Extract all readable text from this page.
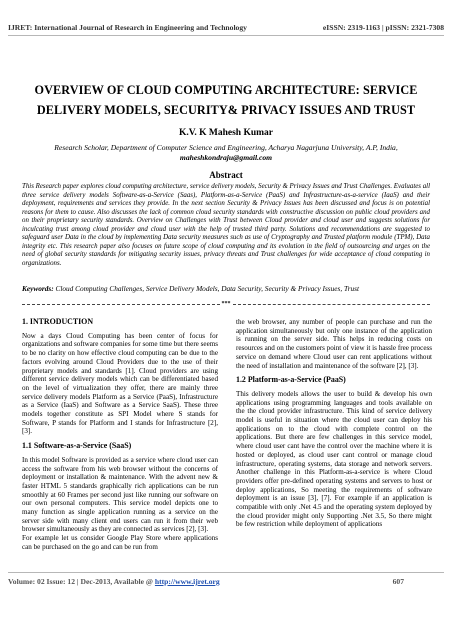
IJRET: International Journal of Research in Engineering and Technology	eISSN: 2319-1163 | pISSN: 2321-7308
OVERVIEW OF CLOUD COMPUTING ARCHITECTURE: SERVICE
DELIVERY MODELS, SECURITY& PRIVACY ISSUES AND TRUST
K.V. K Mahesh Kumar
Research Scholar, Department of Computer Science and Engineering, Acharya Nagarjuna University, A.P, India,
maheshkondraju@gmail.com
Abstract
This Research paper explores cloud computing architecture, service delivery models, Security & Privacy Issues and Trust Challenges. Evaluates all three service delivery models Software-as-a-Service (Saas), Platform-as-a-Service (PaaS) and Infrastructure-as-a-service (IaaS) and their deployment, requirements and services they provide. In the next section Security & Privacy Issues has been discussed and focus is on potential reasons for them to cause. Also discusses the lack of common cloud security standards with constructive discussion on public cloud providers and on their proprietary security standards. Overview on Challenges with Trust between Cloud provider and cloud user and suggests solutions for inculcating trust among cloud provider and cloud user with the help of trusted third party. Solutions and recommendations are suggested to safeguard user Data in the cloud by implementing Data security measures such as use of Cryptography and Trusted platform module (TPM), Data integrity etc. This research paper also focuses on future scope of cloud computing and its evolution in the field of outsourcing and urges on the need of global security standards for mitigating security issues, privacy threats and Trust challenges for wide acceptance of cloud computing in organizations.
Keywords: Cloud Computing Challenges, Service Delivery Models, Data Security, Security & Privacy Issues, Trust
***
1. INTRODUCTION

Now a days Cloud Computing has been center of focus for organizations and software companies for some time but there seems to be no clarity on how effective cloud computing can be due to the factors evolving around Cloud Providers due to the use of their proprietary models and standards [1]. Cloud providers are using different service delivery models which can be differentiated based on the level of virtualization they offer, there are mainly three service delivery models Platform as a Service (PaaS), Infrastructure as a Service (IaaS) and Software as a Service SaaS). These three models together constitute as SPI Model where S stands for Software, P stands for Platform and I stands for Infrastructure [2], [3].

1.1 Software-as-a-Service (SaaS)

In this model Software is provided as a service where cloud user can access the software from his web browser without the concerns of deployment or installation & maintenance. With the advent new & faster HTML 5 standards graphically rich applications can be run smoothly at 60 Frames per second just like running our software on our own personal computers. This service model depicts one to many function as single application running as a service on the server side with many client end users can run it from their web browser simultaneously as they are connected as services [2], [3].

For example let us consider Google Play Store where applications can be purchased on the go and can be run from

the web browser, any number of people can purchase and run the application simultaneously but only one instance of the application is running on the server side. This helps in reducing costs on resources and on the customers point of view it is hassle free process service on demand where Cloud user can rent applications without the need of installation and maintenance of the software [2], [3].

1.2 Platform-as-a-Service (PaaS)

This delivery models allows the user to build & develop his own applications using programming languages and tools available on the the cloud provider infrastructure. This kind of service delivery model is useful in situation where the cloud user can deploy his applications on to the cloud with complete control on the applications. But there are few challenges in this service model, where cloud user cant have the control over the machine where it is hosted or deployed, as cloud user cant control or manage cloud infrastructure, operating systems, data storage and network servers. Another challenge in this Platform-as-a-service is where Cloud providers offer pre-defined operating systems and servers to host or deploy applications, So meeting the requirements of software deployment is an issue [3], [7]. For example if an application is compatible with only .Net 4.5 and the operating system deployed by the cloud provider might only Supporting .Net 3.5, So there might be few restriction while deployment of applications

Volume: 02 Issue: 12 | Dec-2013, Available @ http://www.ijret.org	607
